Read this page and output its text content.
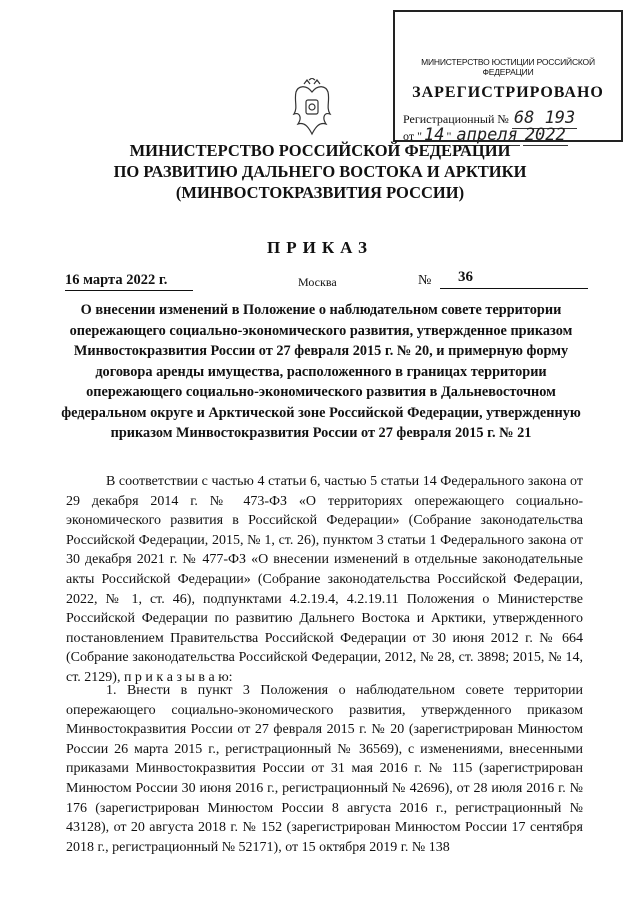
МИНИСТЕРСТВО ЮСТИЦИИ РОССИЙСКОЙ ФЕДЕРАЦИИ
ЗАРЕГИСТРИРОВАНО
Регистрационный № 68 193
от " 14 " апреля 2022
МИНИСТЕРСТВО РОССИЙСКОЙ ФЕДЕРАЦИИ
ПО РАЗВИТИЮ ДАЛЬНЕГО ВОСТОКА И АРКТИКИ
(МИНВОСТОКРАЗВИТИЯ РОССИИ)
ПРИКАЗ
16 марта 2022 г.	Москва	№	36
О внесении изменений в Положение о наблюдательном совете территории опережающего социально-экономического развития, утвержденное приказом Минвостокразвития России от 27 февраля 2015 г. № 20, и примерную форму договора аренды имущества, расположенного в границах территории опережающего социально-экономического развития в Дальневосточном федеральном округе и Арктической зоне Российской Федерации, утвержденную приказом Минвостокразвития России от 27 февраля 2015 г. № 21
В соответствии с частью 4 статьи 6, частью 5 статьи 14 Федерального закона от 29 декабря 2014 г. № 473-ФЗ «О территориях опережающего социально-экономического развития в Российской Федерации» (Собрание законодательства Российской Федерации, 2015, № 1, ст. 26), пунктом 3 статьи 1 Федерального закона от 30 декабря 2021 г. № 477-ФЗ «О внесении изменений в отдельные законодательные акты Российской Федерации» (Собрание законодательства Российской Федерации, 2022, № 1, ст. 46), подпунктами 4.2.19.4, 4.2.19.11 Положения о Министерстве Российской Федерации по развитию Дальнего Востока и Арктики, утвержденного постановлением Правительства Российской Федерации от 30 июня 2012 г. № 664 (Собрание законодательства Российской Федерации, 2012, № 28, ст. 3898; 2015, № 14, ст. 2129), п р и к а з ы в а ю:
1. Внести в пункт 3 Положения о наблюдательном совете территории опережающего социально-экономического развития, утвержденного приказом Минвостокразвития России от 27 февраля 2015 г. № 20 (зарегистрирован Минюстом России 26 марта 2015 г., регистрационный № 36569), с изменениями, внесенными приказами Минвостокразвития России от 31 мая 2016 г. № 115 (зарегистрирован Минюстом России 30 июня 2016 г., регистрационный № 42696), от 28 июля 2016 г. № 176 (зарегистрирован Минюстом России 8 августа 2016 г., регистрационный № 43128), от 20 августа 2018 г. № 152 (зарегистрирован Минюстом России 17 сентября 2018 г., регистрационный № 52171), от 15 октября 2019 г. № 138
